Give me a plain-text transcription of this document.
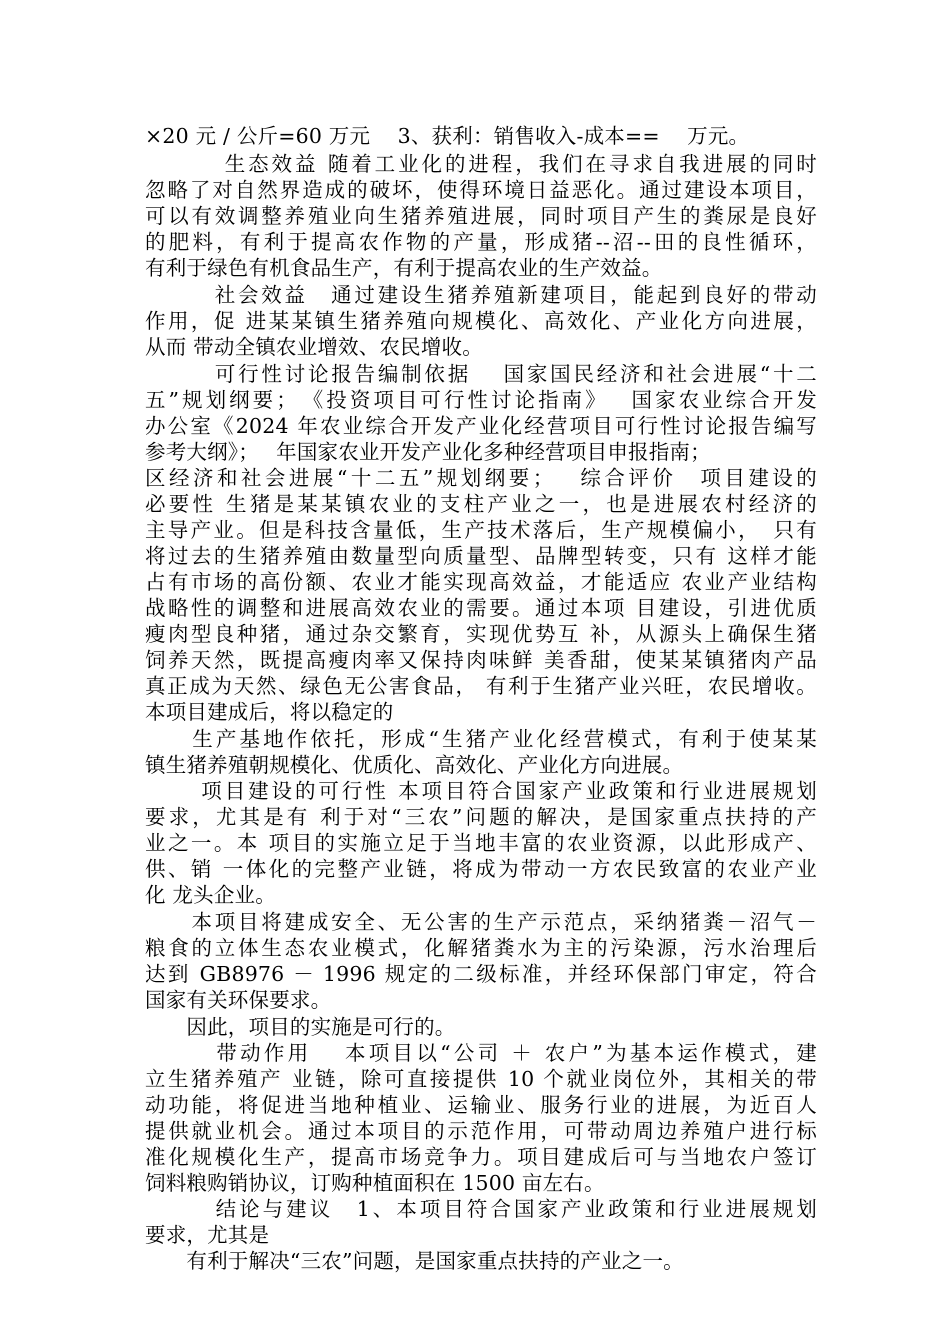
×20 元 / 公斤=60 万元　 3、获利：销售收入-成本==　 万元。
　　　 生态效益 随着工业化的进程，我们在寻求自我进展的同时
忽略了对自然界造成的破坏，使得环境日益恶化。通过建设本项目，
可以有效调整养殖业向生猪养殖进展，同时项目产生的粪尿是良好
的肥料，有利于提高农作物的产量，形成猪--沼--田的良性循环，
有利于绿色有机食品生产，有利于提高农业的生产效益。
　　　社会效益　通过建设生猪养殖新建项目，能起到良好的带动
作用，促 进某某镇生猪养殖向规模化、高效化、产业化方向进展，
从而 带动全镇农业增效、农民增收。
　　　可行性讨论报告编制依据　 国家国民经济和社会进展“十二
五”规划纲要；　《投资项目可行性讨论指南》　 国家农业综合开发
办公室《2024 年农业综合开发产业化经营项目可行性讨论报告编写
参考大纲》；　 年国家农业开发产业化多种经营项目申报指南；
区经济和社会进展“十二五”规划纲要；　 综合评价　项目建设的
必要性 生猪是某某镇农业的支柱产业之一，也是进展农村经济的
主导产业。但是科技含量低，生产技术落后，生产规模偏小，　只有
将过去的生猪养殖由数量型向质量型、品牌型转变，只有 这样才能
占有市场的高份额、农业才能实现高效益，才能适应 农业产业结构
战略性的调整和进展高效农业的需要。通过本项 目建设，引进优质
瘦肉型良种猪，通过杂交繁育，实现优势互 补，从源头上确保生猪
饲养天然，既提高瘦肉率又保持肉味鲜 美香甜，使某某镇猪肉产品
真正成为天然、绿色无公害食品， 有利于生猪产业兴旺，农民增收。
本项目建成后，将以稳定的
　　生产基地作依托，形成“生猪产业化经营模式，有利于使某某
镇生猪养殖朝规模化、优质化、高效化、产业化方向进展。
　　 项目建设的可行性 本项目符合国家产业政策和行业进展规划
要求，尤其是有 利于对“三农”问题的解决，是国家重点扶持的产
业之一。本 项目的实施立足于当地丰富的农业资源，以此形成产、
供、销 一体化的完整产业链，将成为带动一方农民致富的农业产业
化 龙头企业。
　　本项目将建成安全、无公害的生产示范点，采纳猪粪－沼气－
粮食的立体生态农业模式，化解猪粪水为主的污染源，污水治理后
达到 GB8976 － 1996 规定的二级标准，并经环保部门审定，符合
国家有关环保要求。
　　因此，项目的实施是可行的。
　　　带动作用　 本项目以“公司 ＋ 农户”为基本运作模式，建
立生猪养殖产 业链，除可直接提供 10 个就业岗位外，其相关的带
动功能，将促进当地种植业、运输业、服务行业的进展，为近百人
提供就业机会。通过本项目的示范作用，可带动周边养殖户进行标
准化规模化生产，提高市场竞争力。项目建成后可与当地农户签订
饲料粮购销协议，订购种植面积在 1500 亩左右。
　　　结论与建议　1、本项目符合国家产业政策和行业进展规划
要求，尤其是
　　有利于解决“三农”问题，是国家重点扶持的产业之一。
